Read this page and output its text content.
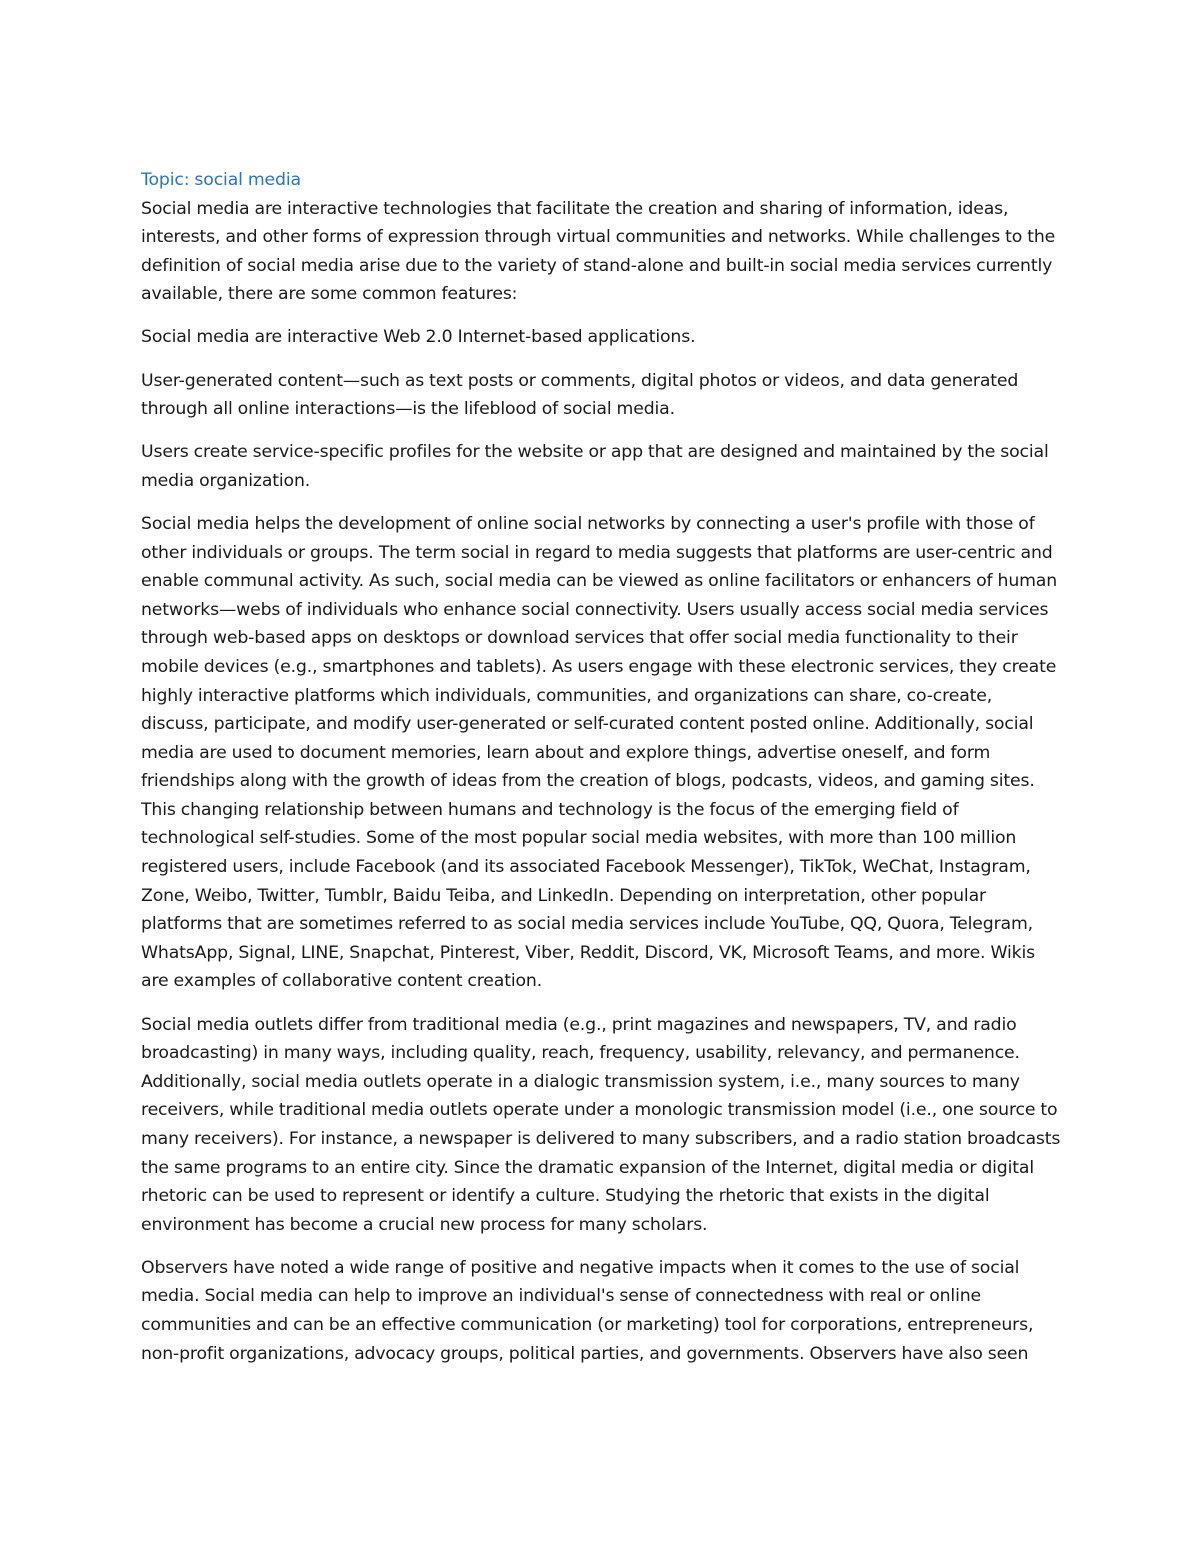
Topic: social media

Social media are interactive technologies that facilitate the creation and sharing of information, ideas, interests, and other forms of expression through virtual communities and networks. While challenges to the definition of social media arise due to the variety of stand-alone and built-in social media services currently available, there are some common features:

Social media are interactive Web 2.0 Internet-based applications.

User-generated content—such as text posts or comments, digital photos or videos, and data generated through all online interactions—is the lifeblood of social media.

Users create service-specific profiles for the website or app that are designed and maintained by the social media organization.

Social media helps the development of online social networks by connecting a user's profile with those of other individuals or groups. The term social in regard to media suggests that platforms are user-centric and enable communal activity. As such, social media can be viewed as online facilitators or enhancers of human networks—webs of individuals who enhance social connectivity. Users usually access social media services through web-based apps on desktops or download services that offer social media functionality to their mobile devices (e.g., smartphones and tablets). As users engage with these electronic services, they create highly interactive platforms which individuals, communities, and organizations can share, co-create, discuss, participate, and modify user-generated or self-curated content posted online. Additionally, social media are used to document memories, learn about and explore things, advertise oneself, and form friendships along with the growth of ideas from the creation of blogs, podcasts, videos, and gaming sites. This changing relationship between humans and technology is the focus of the emerging field of technological self-studies. Some of the most popular social media websites, with more than 100 million registered users, include Facebook (and its associated Facebook Messenger), TikTok, WeChat, Instagram, Zone, Weibo, Twitter, Tumblr, Baidu Teiba, and LinkedIn. Depending on interpretation, other popular platforms that are sometimes referred to as social media services include YouTube, QQ, Quora, Telegram, WhatsApp, Signal, LINE, Snapchat, Pinterest, Viber, Reddit, Discord, VK, Microsoft Teams, and more. Wikis are examples of collaborative content creation.

Social media outlets differ from traditional media (e.g., print magazines and newspapers, TV, and radio broadcasting) in many ways, including quality, reach, frequency, usability, relevancy, and permanence. Additionally, social media outlets operate in a dialogic transmission system, i.e., many sources to many receivers, while traditional media outlets operate under a monologic transmission model (i.e., one source to many receivers). For instance, a newspaper is delivered to many subscribers, and a radio station broadcasts the same programs to an entire city. Since the dramatic expansion of the Internet, digital media or digital rhetoric can be used to represent or identify a culture. Studying the rhetoric that exists in the digital environment has become a crucial new process for many scholars.

Observers have noted a wide range of positive and negative impacts when it comes to the use of social media. Social media can help to improve an individual's sense of connectedness with real or online communities and can be an effective communication (or marketing) tool for corporations, entrepreneurs, non-profit organizations, advocacy groups, political parties, and governments. Observers have also seen
